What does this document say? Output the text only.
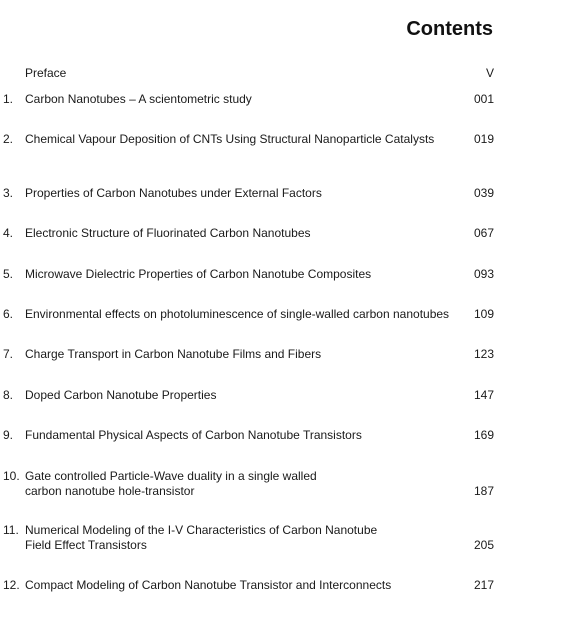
Contents
Preface	V
1. Carbon Nanotubes – A scientometric study	001
2. Chemical Vapour Deposition of CNTs Using Structural Nanoparticle Catalysts	019
3. Properties of Carbon Nanotubes under External Factors	039
4. Electronic Structure of Fluorinated Carbon Nanotubes	067
5. Microwave Dielectric Properties of Carbon Nanotube Composites	093
6. Environmental effects on photoluminescence of single-walled carbon nanotubes	109
7. Charge Transport in Carbon Nanotube Films and Fibers	123
8. Doped Carbon Nanotube Properties	147
9. Fundamental Physical Aspects of Carbon Nanotube Transistors	169
10. Gate controlled Particle-Wave duality in a single walled
carbon nanotube hole-transistor	187
11. Numerical Modeling of the I-V Characteristics of Carbon Nanotube
Field Effect Transistors	205
12. Compact Modeling of Carbon Nanotube Transistor and Interconnects	217
